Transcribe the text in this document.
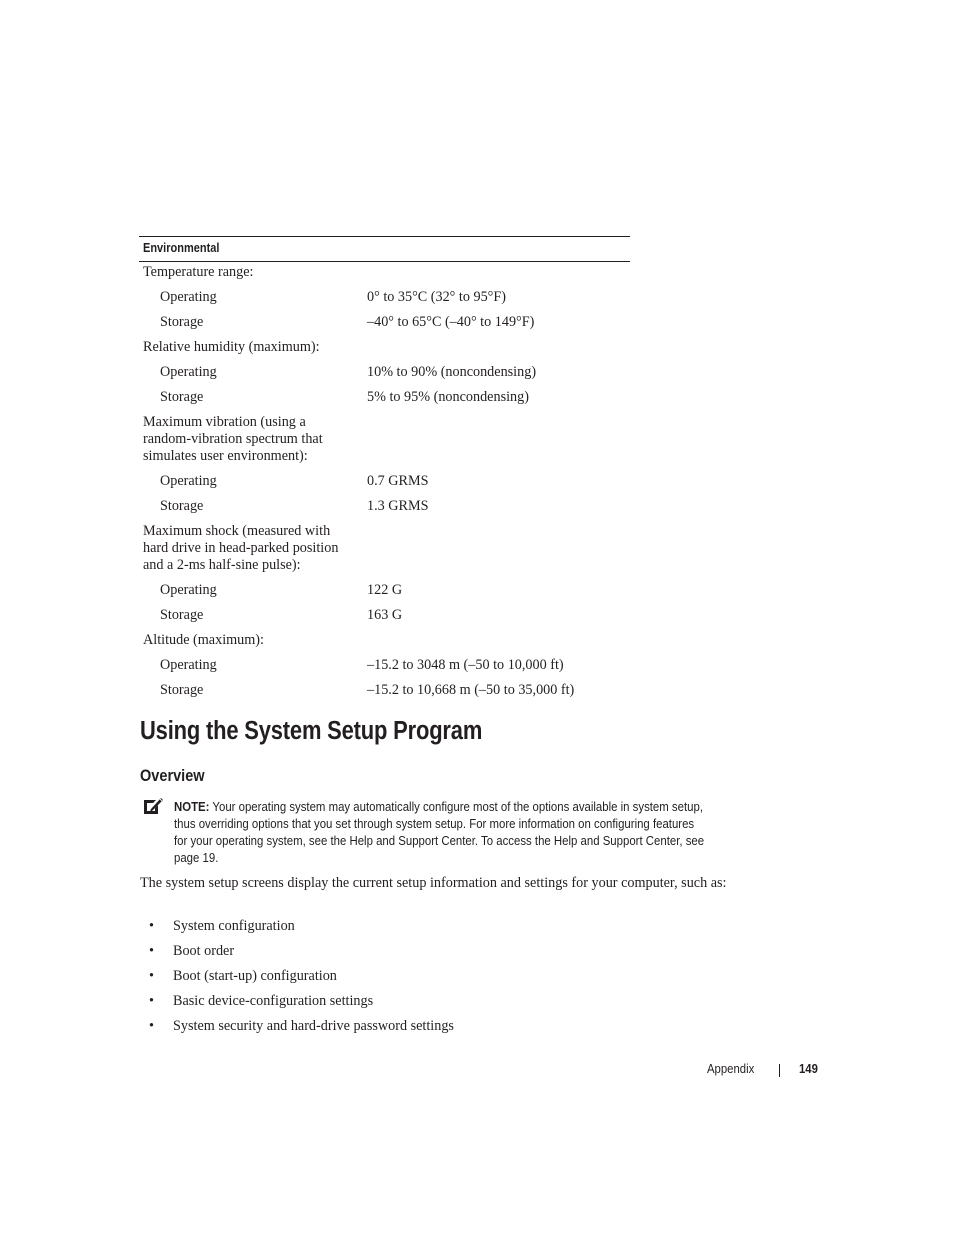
Environmental
Temperature range:
Operating	0° to 35°C (32° to 95°F)
Storage	–40° to 65°C (–40° to 149°F)
Relative humidity (maximum):
Operating	10% to 90% (noncondensing)
Storage	5% to 95% (noncondensing)
Maximum vibration (using a random-vibration spectrum that simulates user environment):
Operating	0.7 GRMS
Storage	1.3 GRMS
Maximum shock (measured with hard drive in head-parked position and a 2-ms half-sine pulse):
Operating	122 G
Storage	163 G
Altitude (maximum):
Operating	–15.2 to 3048 m (–50 to 10,000 ft)
Storage	–15.2 to 10,668 m (–50 to 35,000 ft)
Using the System Setup Program
Overview
NOTE: Your operating system may automatically configure most of the options available in system setup,
thus overriding options that you set through system setup. For more information on configuring features
for your operating system, see the Help and Support Center. To access the Help and Support Center, see
page 19.

The system setup screens display the current setup information and settings for your computer, such as:

• System configuration
• Boot order
• Boot (start-up) configuration
• Basic device-configuration settings
• System security and hard-drive password settings
Appendix	149
